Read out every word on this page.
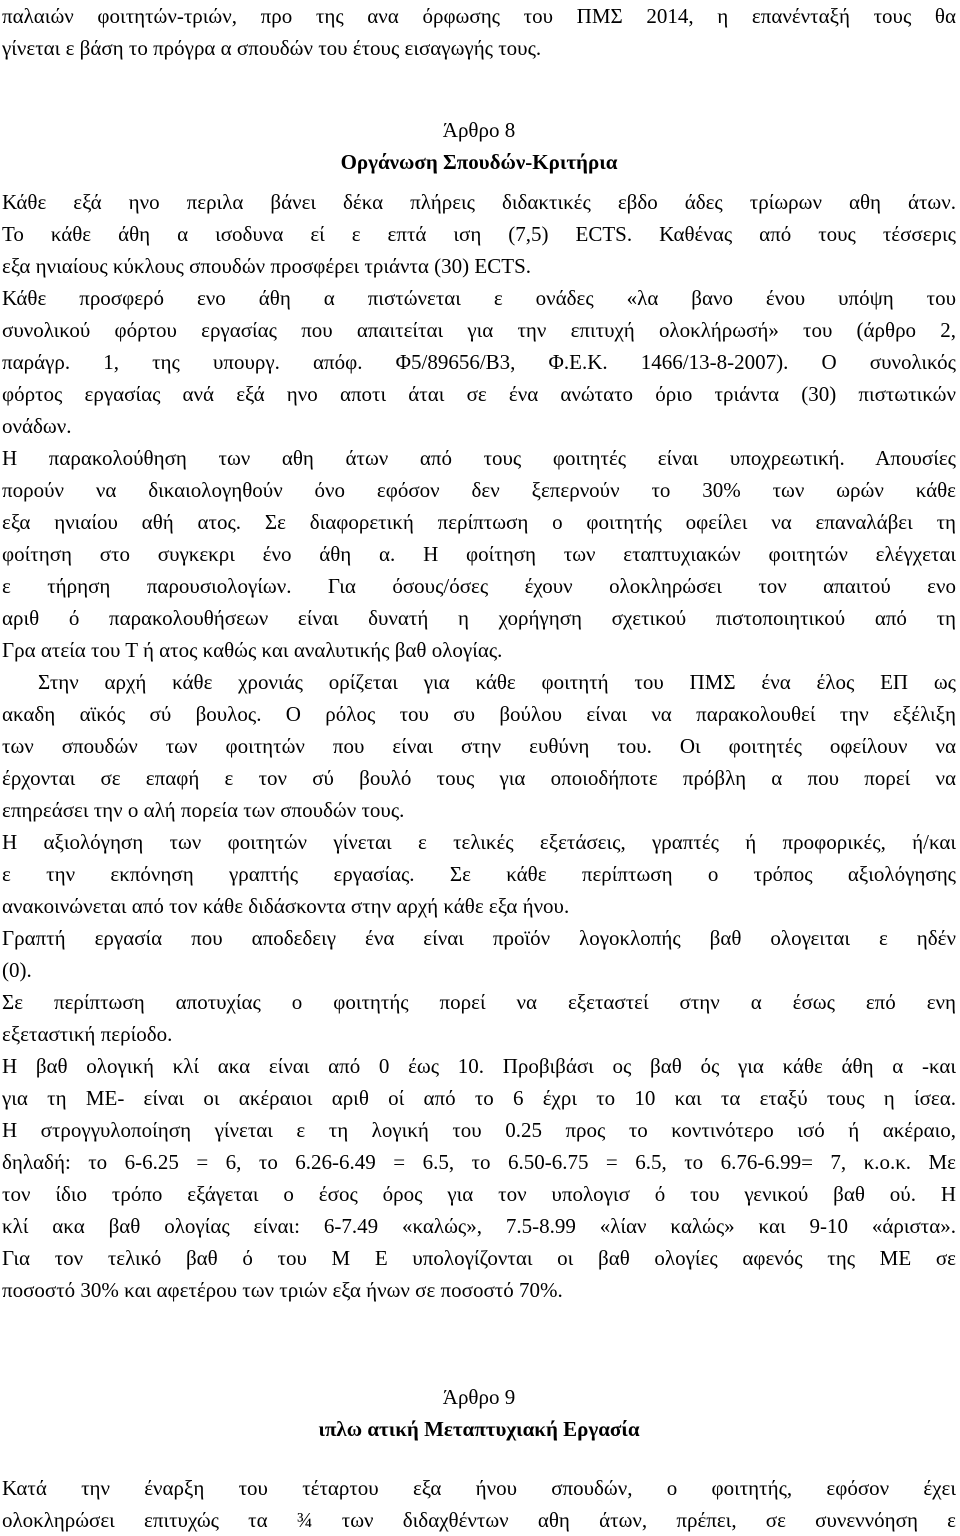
παλαιών φοιτητών-τριών, προ της ανα όρφωσης του ΠΜΣ 2014, η επανένταξή τους θα
γίνεται ε βάση το πρόγρα α σπουδών του έτους εισαγωγής τους.
Άρθρο 8
Οργάνωση Σπουδών-Κριτήρια
Κάθε εξά ηνο περιλα βάνει δέκα πλήρεις διδακτικές εβδο άδες τρίωρων αθη άτων.
Το κάθε άθη α ισοδυνα εί ε επτά ιση (7,5) ECTS. Καθένας από τους τέσσερις
εξα ηνιαίους κύκλους σπουδών προσφέρει τριάντα (30) ECTS.
Κάθε προσφερό ενο άθη α πιστώνεται ε ονάδες «λα βανο ένου υπόψη του
συνολικού φόρτου εργασίας που απαιτείται για την επιτυχή ολοκλήρωσή» του (άρθρο 2,
παράγρ. 1, της υπουργ. απόφ. Φ5/89656/Β3, Φ.Ε.Κ. 1466/13-8-2007). Ο συνολικός
φόρτος εργασίας ανά εξά ηνο αποτι άται σε ένα ανώτατο όριο τριάντα (30) πιστωτικών
ονάδων.
Η παρακολούθηση των αθη άτων από τους φοιτητές είναι υποχρεωτική. Απουσίες
πορούν να δικαιολογηθούν όνο εφόσον δεν ξεπερνούν το 30% των ωρών κάθε
εξα ηνιαίου αθή ατος. Σε διαφορετική περίπτωση ο φοιτητής οφείλει να επαναλάβει τη
φοίτηση στο συγκεκρι ένο άθη α. Η φοίτηση των εταπτυχιακών φοιτητών ελέγχεται
ε τήρηση παρουσιολογίων. Για όσους/όσες έχουν ολοκληρώσει τον απαιτού ενο
αριθ ό παρακολουθήσεων είναι δυνατή η χορήγηση σχετικού πιστοποιητικού από τη
Γρα ατεία του Τ ή ατος καθώς και αναλυτικής βαθ ολογίας.
Στην αρχή κάθε χρονιάς ορίζεται για κάθε φοιτητή του ΠΜΣ ένα έλος ΕΠ ως
ακαδη αϊκός σύ βουλος. Ο ρόλος του συ βούλου είναι να παρακολουθεί την εξέλιξη
των σπουδών των φοιτητών που είναι στην ευθύνη του. Οι φοιτητές οφείλουν να
έρχονται σε επαφή ε τον σύ βουλό τους για οποιοδήποτε πρόβλη α που πορεί να
επηρεάσει την ο αλή πορεία των σπουδών τους.
Η αξιολόγηση των φοιτητών γίνεται ε τελικές εξετάσεις, γραπτές ή προφορικές, ή/και
ε την εκπόνηση γραπτής εργασίας. Σε κάθε περίπτωση ο τρόπος αξιολόγησης
ανακοινώνεται από τον κάθε διδάσκοντα στην αρχή κάθε εξα ήνου.
Γραπτή εργασία που αποδεδειγ ένα είναι προϊόν λογοκλοπής βαθ ολογειται ε ηδέν
(0).
Σε περίπτωση αποτυχίας ο φοιτητής πορεί να εξεταστεί στην α έσως επό ενη
εξεταστική περίοδο.
Η βαθ ολογική κλί ακα είναι από 0 έως 10. Προβιβάσι ος βαθ ός για κάθε άθη α -και
για τη ΜΕ- είναι οι ακέραιοι αριθ οί από το 6 έχρι το 10 και τα εταξύ τους η ίσεα.
Η στρογγυλοποίηση γίνεται ε τη λογική του 0.25 προς το κοντινότερο ισό ή ακέραιο,
δηλαδή: το 6-6.25 = 6, το 6.26-6.49 = 6.5, το 6.50-6.75 = 6.5, το 6.76-6.99= 7, κ.ο.κ. Με
τον ίδιο τρόπο εξάγεται ο έσος όρος για τον υπολογισ ό του γενικού βαθ ού. Η
κλί ακα βαθ ολογίας είναι: 6-7.49 «καλώς», 7.5-8.99 «λίαν καλώς» και 9-10 «άριστα».
Για τον τελικό βαθ ό του Μ Ε υπολογίζονται οι βαθ ολογίες αφενός της ΜΕ σε
ποσοστό 30% και αφετέρου των τριών εξα ήνων σε ποσοστό 70%.
Άρθρο 9
ιπλω ατική Μεταπτυχιακή Εργασία
Κατά την έναρξη του τέταρτου εξα ήνου σπουδών, ο φοιτητής, εφόσον έχει
ολοκληρώσει επιτυχώς τα ¾ των διδαχθέντων αθη άτων, πρέπει, σε συνεννόηση ε
